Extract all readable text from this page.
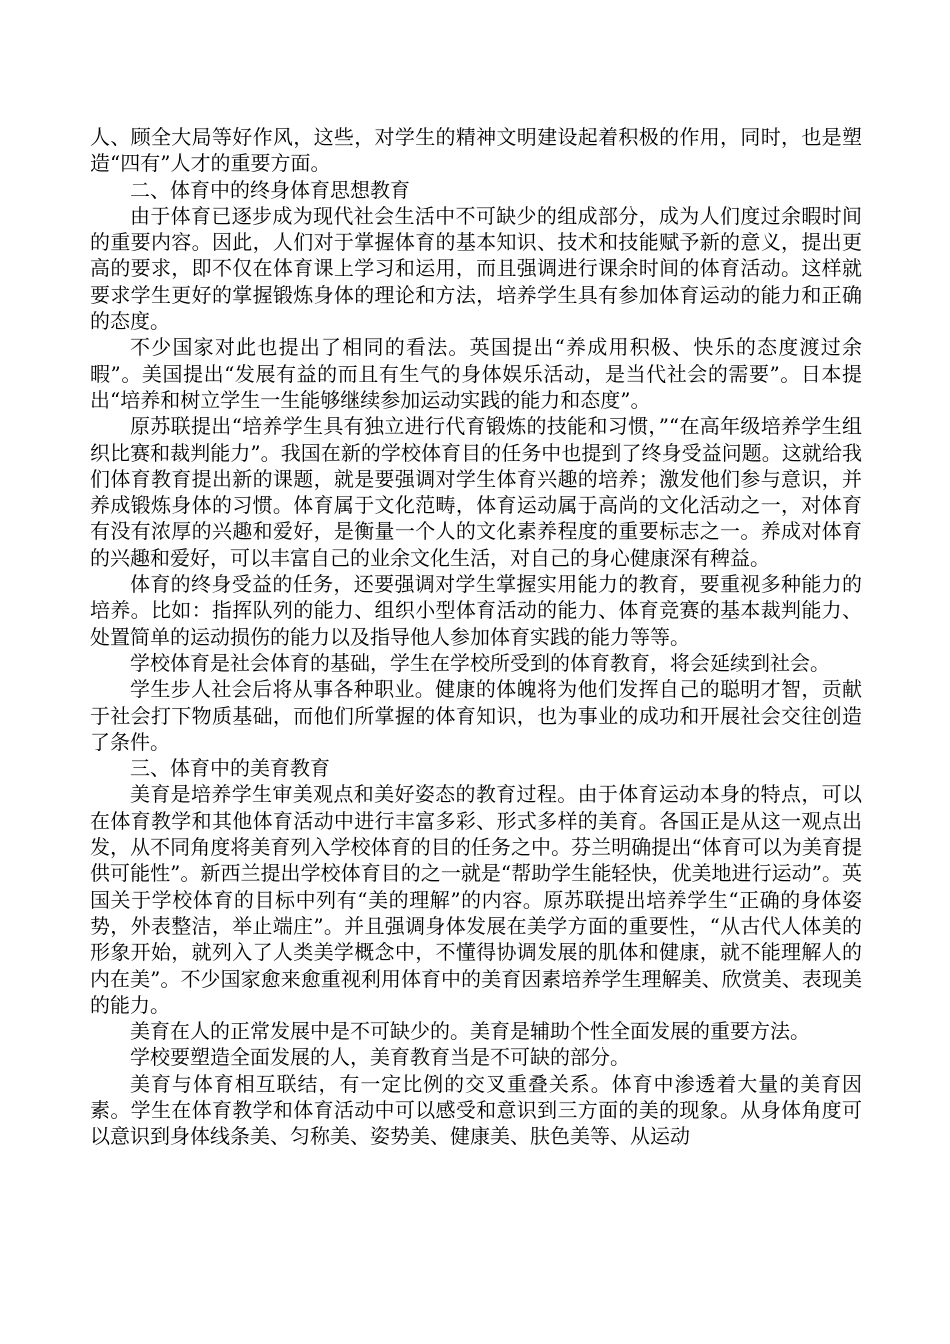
人、顾全大局等好作风，这些，对学生的精神文明建设起着积极的作用，同时，也是塑造“四有”人才的重要方面。

二、体育中的终身体育思想教育

由于体育已逐步成为现代社会生活中不可缺少的组成部分，成为人们度过余暇时间的重要内容。因此，人们对于掌握体育的基本知识、技术和技能赋予新的意义，提出更高的要求，即不仅在体育课上学习和运用，而且强调进行课余时间的体育活动。这样就要求学生更好的掌握锻炼身体的理论和方法，培养学生具有参加体育运动的能力和正确的态度。

不少国家对此也提出了相同的看法。英国提出“养成用积极、快乐的态度渡过余暇”。美国提出“发展有益的而且有生气的身体娱乐活动，是当代社会的需要”。日本提出“培养和树立学生一生能够继续参加运动实践的能力和态度”。

原苏联提出“培养学生具有独立进行代育锻炼的技能和习惯，”“在高年级培养学生组织比赛和裁判能力”。我国在新的学校体育目的任务中也提到了终身受益问题。这就给我们体育教育提出新的课题，就是要强调对学生体育兴趣的培养；激发他们参与意识，并养成锻炼身体的习惯。体育属于文化范畴，体育运动属于高尚的文化活动之一，对体育有没有浓厚的兴趣和爱好，是衡量一个人的文化素养程度的重要标志之一。养成对体育的兴趣和爱好，可以丰富自己的业余文化生活，对自己的身心健康深有稗益。

体育的终身受益的任务，还要强调对学生掌握实用能力的教育，要重视多种能力的培养。比如：指挥队列的能力、组织小型体育活动的能力、体育竞赛的基本裁判能力、处置简单的运动损伤的能力以及指导他人参加体育实践的能力等等。

学校体育是社会体育的基础，学生在学校所受到的体育教育，将会延续到社会。

学生步人社会后将从事各种职业。健康的体魄将为他们发挥自己的聪明才智，贡献于社会打下物质基础，而他们所掌握的体育知识，也为事业的成功和开展社会交往创造了条件。

三、体育中的美育教育

美育是培养学生审美观点和美好姿态的教育过程。由于体育运动本身的特点，可以在体育教学和其他体育活动中进行丰富多彩、形式多样的美育。各国正是从这一观点出发，从不同角度将美育列入学校体育的目的任务之中。芬兰明确提出“体育可以为美育提供可能性”。新西兰提出学校体育目的之一就是“帮助学生能轻快，优美地进行运动”。英国关于学校体育的目标中列有“美的理解”的内容。原苏联提出培养学生“正确的身体姿势，外表整洁，举止端庄”。并且强调身体发展在美学方面的重要性，“从古代人体美的形象开始，就列入了人类美学概念中，不懂得协调发展的肌体和健康，就不能理解人的内在美”。不少国家愈来愈重视利用体育中的美育因素培养学生理解美、欣赏美、表现美的能力。

美育在人的正常发展中是不可缺少的。美育是辅助个性全面发展的重要方法。

学校要塑造全面发展的人，美育教育当是不可缺的部分。

美育与体育相互联结，有一定比例的交叉重叠关系。体育中渗透着大量的美育因素。学生在体育教学和体育活动中可以感受和意识到三方面的美的现象。从身体角度可以意识到身体线条美、匀称美、姿势美、健康美、肤色美等、从运动
